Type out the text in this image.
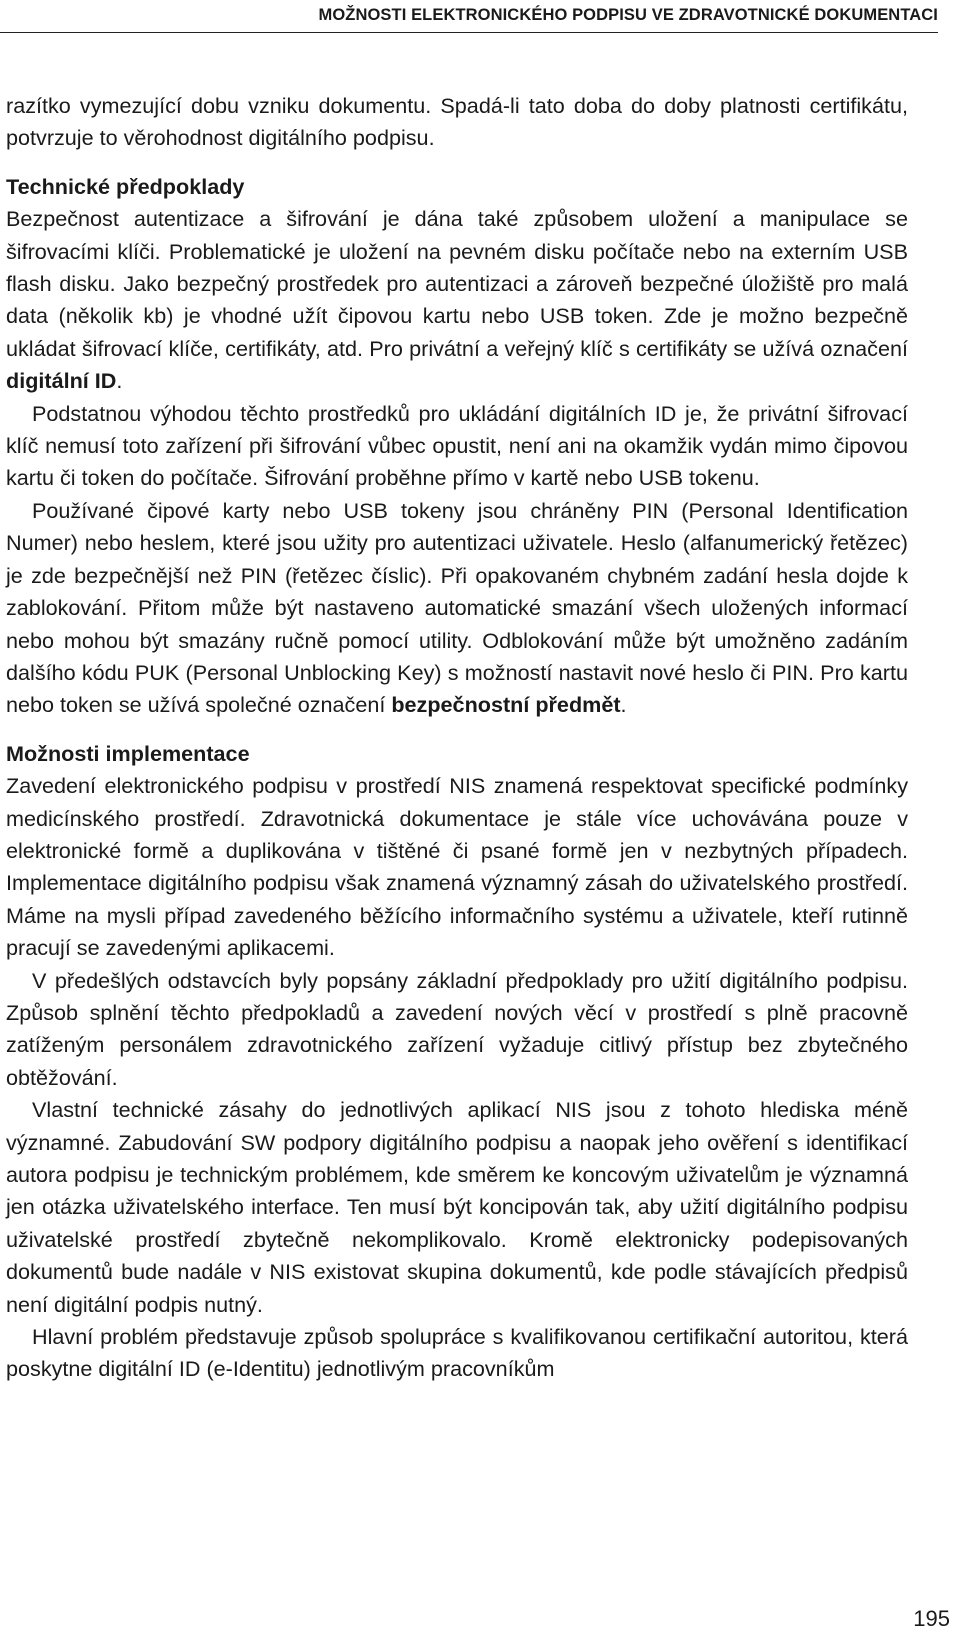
MOŽNOSTI ELEKTRONICKÉHO PODPISU VE ZDRAVOTNICKÉ DOKUMENTACI

razítko vymezující dobu vzniku dokumentu. Spadá-li tato doba do doby platnosti certifikátu, potvrzuje to věrohodnost digitálního podpisu.

Technické předpoklady

Bezpečnost autentizace a šifrování je dána také způsobem uložení a manipulace se šifrovacími klíči. Problematické je uložení na pevném disku počítače nebo na externím USB flash disku. Jako bezpečný prostředek pro autentizaci a zároveň bezpečné úložiště pro malá data (několik kb) je vhodné užít čipovou kartu nebo USB token. Zde je možno bezpečně ukládat šifrovací klíče, certifikáty, atd. Pro privátní a veřejný klíč s certifikáty se užívá označení digitální ID.

Podstatnou výhodou těchto prostředků pro ukládání digitálních ID je, že privátní šifrovací klíč nemusí toto zařízení při šifrování vůbec opustit, není ani na okamžik vydán mimo čipovou kartu či token do počítače. Šifrování proběhne přímo v kartě nebo USB tokenu.

Používané čipové karty nebo USB tokeny jsou chráněny PIN (Personal Identification Numer) nebo heslem, které jsou užity pro autentizaci uživatele. Heslo (alfanumerický řetězec) je zde bezpečnější než PIN (řetězec číslic). Při opakovaném chybném zadání hesla dojde k zablokování. Přitom může být nastaveno automatické smazání všech uložených informací nebo mohou být smazány ručně pomocí utility. Odblokování může být umožněno zadáním dalšího kódu PUK (Personal Unblocking Key) s možností nastavit nové heslo či PIN. Pro kartu nebo token se užívá společné označení bezpečnostní předmět.

Možnosti implementace

Zavedení elektronického podpisu v prostředí NIS znamená respektovat specifické podmínky medicínského prostředí. Zdravotnická dokumentace je stále více uchovávána pouze v elektronické formě a duplikována v tištěné či psané formě jen v nezbytných případech. Implementace digitálního podpisu však znamená významný zásah do uživatelského prostředí. Máme na mysli případ zavedeného běžícího informačního systému a uživatele, kteří rutinně pracují se zavedenými aplikacemi.

V předešlých odstavcích byly popsány základní předpoklady pro užití digitálního podpisu. Způsob splnění těchto předpokladů a zavedení nových věcí v prostředí s plně pracovně zatíženým personálem zdravotnického zařízení vyžaduje citlivý přístup bez zbytečného obtěžování.

Vlastní technické zásahy do jednotlivých aplikací NIS jsou z tohoto hlediska méně významné. Zabudování SW podpory digitálního podpisu a naopak jeho ověření s identifikací autora podpisu je technickým problémem, kde směrem ke koncovým uživatelům je významná jen otázka uživatelského interface. Ten musí být koncipován tak, aby užití digitálního podpisu uživatelské prostředí zbytečně nekomplikovalo. Kromě elektronicky podepisovaných dokumentů bude nadále v NIS existovat skupina dokumentů, kde podle stávajících předpisů není digitální podpis nutný.

Hlavní problém představuje způsob spolupráce s kvalifikovanou certifikační autoritou, která poskytne digitální ID (e-Identitu) jednotlivým pracovníkům

195
